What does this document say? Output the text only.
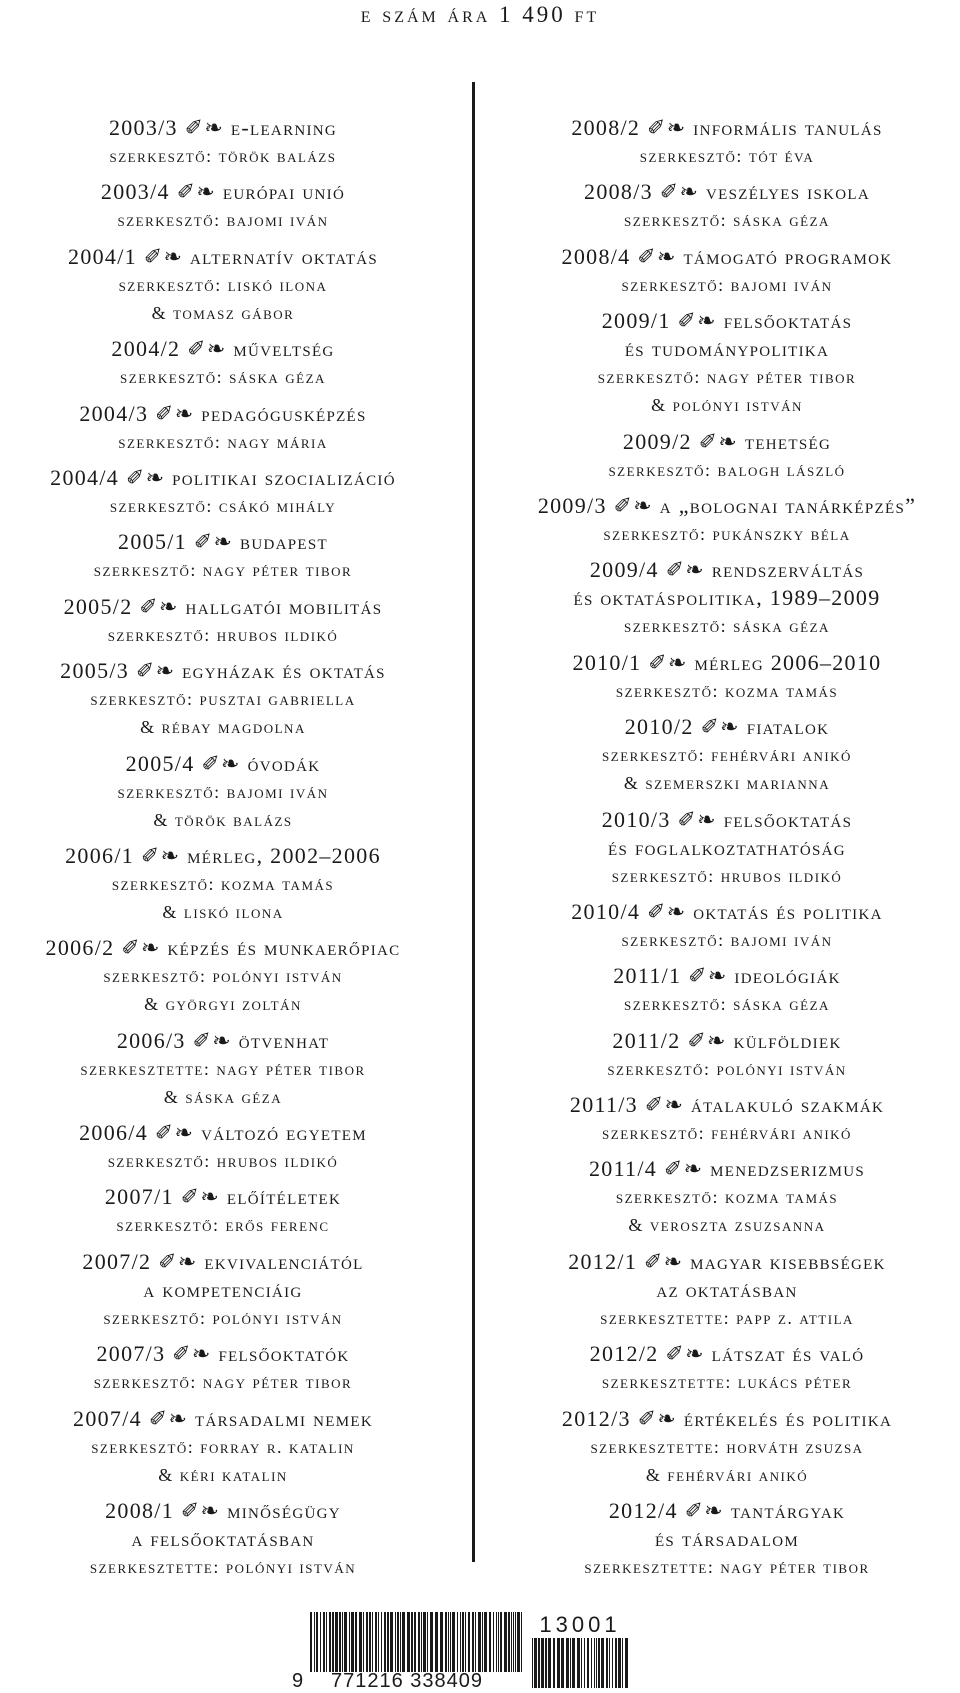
e szám ára 1 490 ft
2003/3 ✐❧ e-learning
szerkesztő: török balázs
2003/4 ✐❧ európai unió
szerkesztő: bajomi iván
2004/1 ✐❧ alternatív oktatás
szerkesztő: liskó ilona
& tomasz gábor
2004/2 ✐❧ műveltség
szerkesztő: sáska géza
2004/3 ✐❧ pedagógusképzés
szerkesztő: nagy mária
2004/4 ✐❧ politikai szocializáció
szerkesztő: csákó mihály
2005/1 ✐❧ budapest
szerkesztő: nagy péter tibor
2005/2 ✐❧ hallgatói mobilitás
szerkesztő: hrubos ildikó
2005/3 ✐❧ egyházak és oktatás
szerkesztő: pusztai gabriella
& rébay magdolna
2005/4 ✐❧ óvodák
szerkesztő: bajomi iván
& török balázs
2006/1 ✐❧ mérleg, 2002–2006
szerkesztő: kozma tamás
& liskó ilona
2006/2 ✐❧ képzés és munkaerőpiac
szerkesztő: polónyi istván
& györgyi zoltán
2006/3 ✐❧ ötvenhat
szerkesztette: nagy péter tibor
& sáska géza
2006/4 ✐❧ változó egyetem
szerkesztő: hrubos ildikó
2007/1 ✐❧ előítéletek
szerkesztő: erős ferenc
2007/2 ✐❧ ekvivalenciától
a kompetenciáig
szerkesztő: polónyi istván
2007/3 ✐❧ felsőoktatók
szerkesztő: nagy péter tibor
2007/4 ✐❧ társadalmi nemek
szerkesztő: forray r. katalin
& kéri katalin
2008/1 ✐❧ minőségügy
a felsőoktatásban
szerkesztette: polónyi istván
2008/2 ✐❧ informális tanulás
szerkesztő: tót éva
2008/3 ✐❧ veszélyes iskola
szerkesztő: sáska géza
2008/4 ✐❧ támogató programok
szerkesztő: bajomi iván
2009/1 ✐❧ felsőoktatás
és tudománypolitika
szerkesztő: nagy péter tibor
& polónyi istván
2009/2 ✐❧ tehetség
szerkesztő: balogh lászló
2009/3 ✐❧ a „bolognai tanárképzés”
szerkesztő: pukánszky béla
2009/4 ✐❧ rendszerváltás
és oktatáspolitika, 1989–2009
szerkesztő: sáska géza
2010/1 ✐❧ mérleg 2006–2010
szerkesztő: kozma tamás
2010/2 ✐❧ fiatalok
szerkesztő: fehérvári anikó
& szemerszki marianna
2010/3 ✐❧ felsőoktatás
és foglalkoztathatóság
szerkesztő: hrubos ildikó
2010/4 ✐❧ oktatás és politika
szerkesztő: bajomi iván
2011/1 ✐❧ ideológiák
szerkesztő: sáska géza
2011/2 ✐❧ külföldiek
szerkesztő: polónyi istván
2011/3 ✐❧ átalakuló szakmák
szerkesztő: fehérvári anikó
2011/4 ✐❧ menedzserizmus
szerkesztő: kozma tamás
& veroszta zsuzsanna
2012/1 ✐❧ magyar kisebbségek
az oktatásban
szerkesztette: papp z. attila
2012/2 ✐❧ látszat és való
szerkesztette: lukács péter
2012/3 ✐❧ értékelés és politika
szerkesztette: horváth zsuzsa
& fehérvári anikó
2012/4 ✐❧ tantárgyak
és társadalom
szerkesztette: nagy péter tibor
9	771216 338409
13001
